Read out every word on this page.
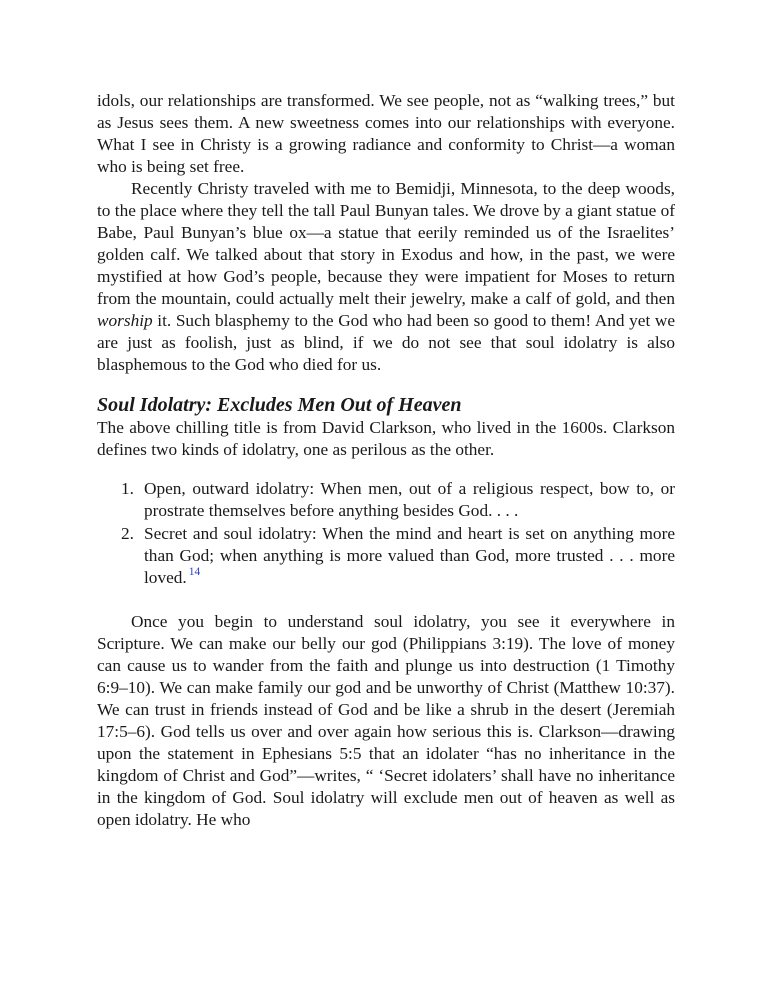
idols, our relationships are transformed. We see people, not as “walking trees,” but as Jesus sees them. A new sweetness comes into our relationships with everyone. What I see in Christy is a growing radiance and conformity to Christ—a woman who is being set free.

Recently Christy traveled with me to Bemidji, Minnesota, to the deep woods, to the place where they tell the tall Paul Bunyan tales. We drove by a giant statue of Babe, Paul Bunyan’s blue ox—a statue that eerily reminded us of the Israelites’ golden calf. We talked about that story in Exodus and how, in the past, we were mystified at how God’s people, because they were impatient for Moses to return from the mountain, could actually melt their jewelry, make a calf of gold, and then worship it. Such blasphemy to the God who had been so good to them! And yet we are just as foolish, just as blind, if we do not see that soul idolatry is also blasphemous to the God who died for us.

Soul Idolatry: Excludes Men Out of Heaven

The above chilling title is from David Clarkson, who lived in the 1600s. Clarkson defines two kinds of idolatry, one as perilous as the other.

1. Open, outward idolatry: When men, out of a religious respect, bow to, or prostrate themselves before anything besides God. . . .
2. Secret and soul idolatry: When the mind and heart is set on anything more than God; when anything is more valued than God, more trusted . . . more loved. $^{14}$

Once you begin to understand soul idolatry, you see it everywhere in Scripture. We can make our belly our god (Philippians 3:19). The love of money can cause us to wander from the faith and plunge us into destruction (1 Timothy 6:9–10). We can make family our god and be unworthy of Christ (Matthew 10:37). We can trust in friends instead of God and be like a shrub in the desert (Jeremiah 17:5–6). God tells us over and over again how serious this is. Clarkson—drawing upon the statement in Ephesians 5:5 that an idolater “has no inheritance in the kingdom of Christ and God”—writes, “ ‘Secret idolaters’ shall have no inheritance in the kingdom of God. Soul idolatry will exclude men out of heaven as well as open idolatry. He who
